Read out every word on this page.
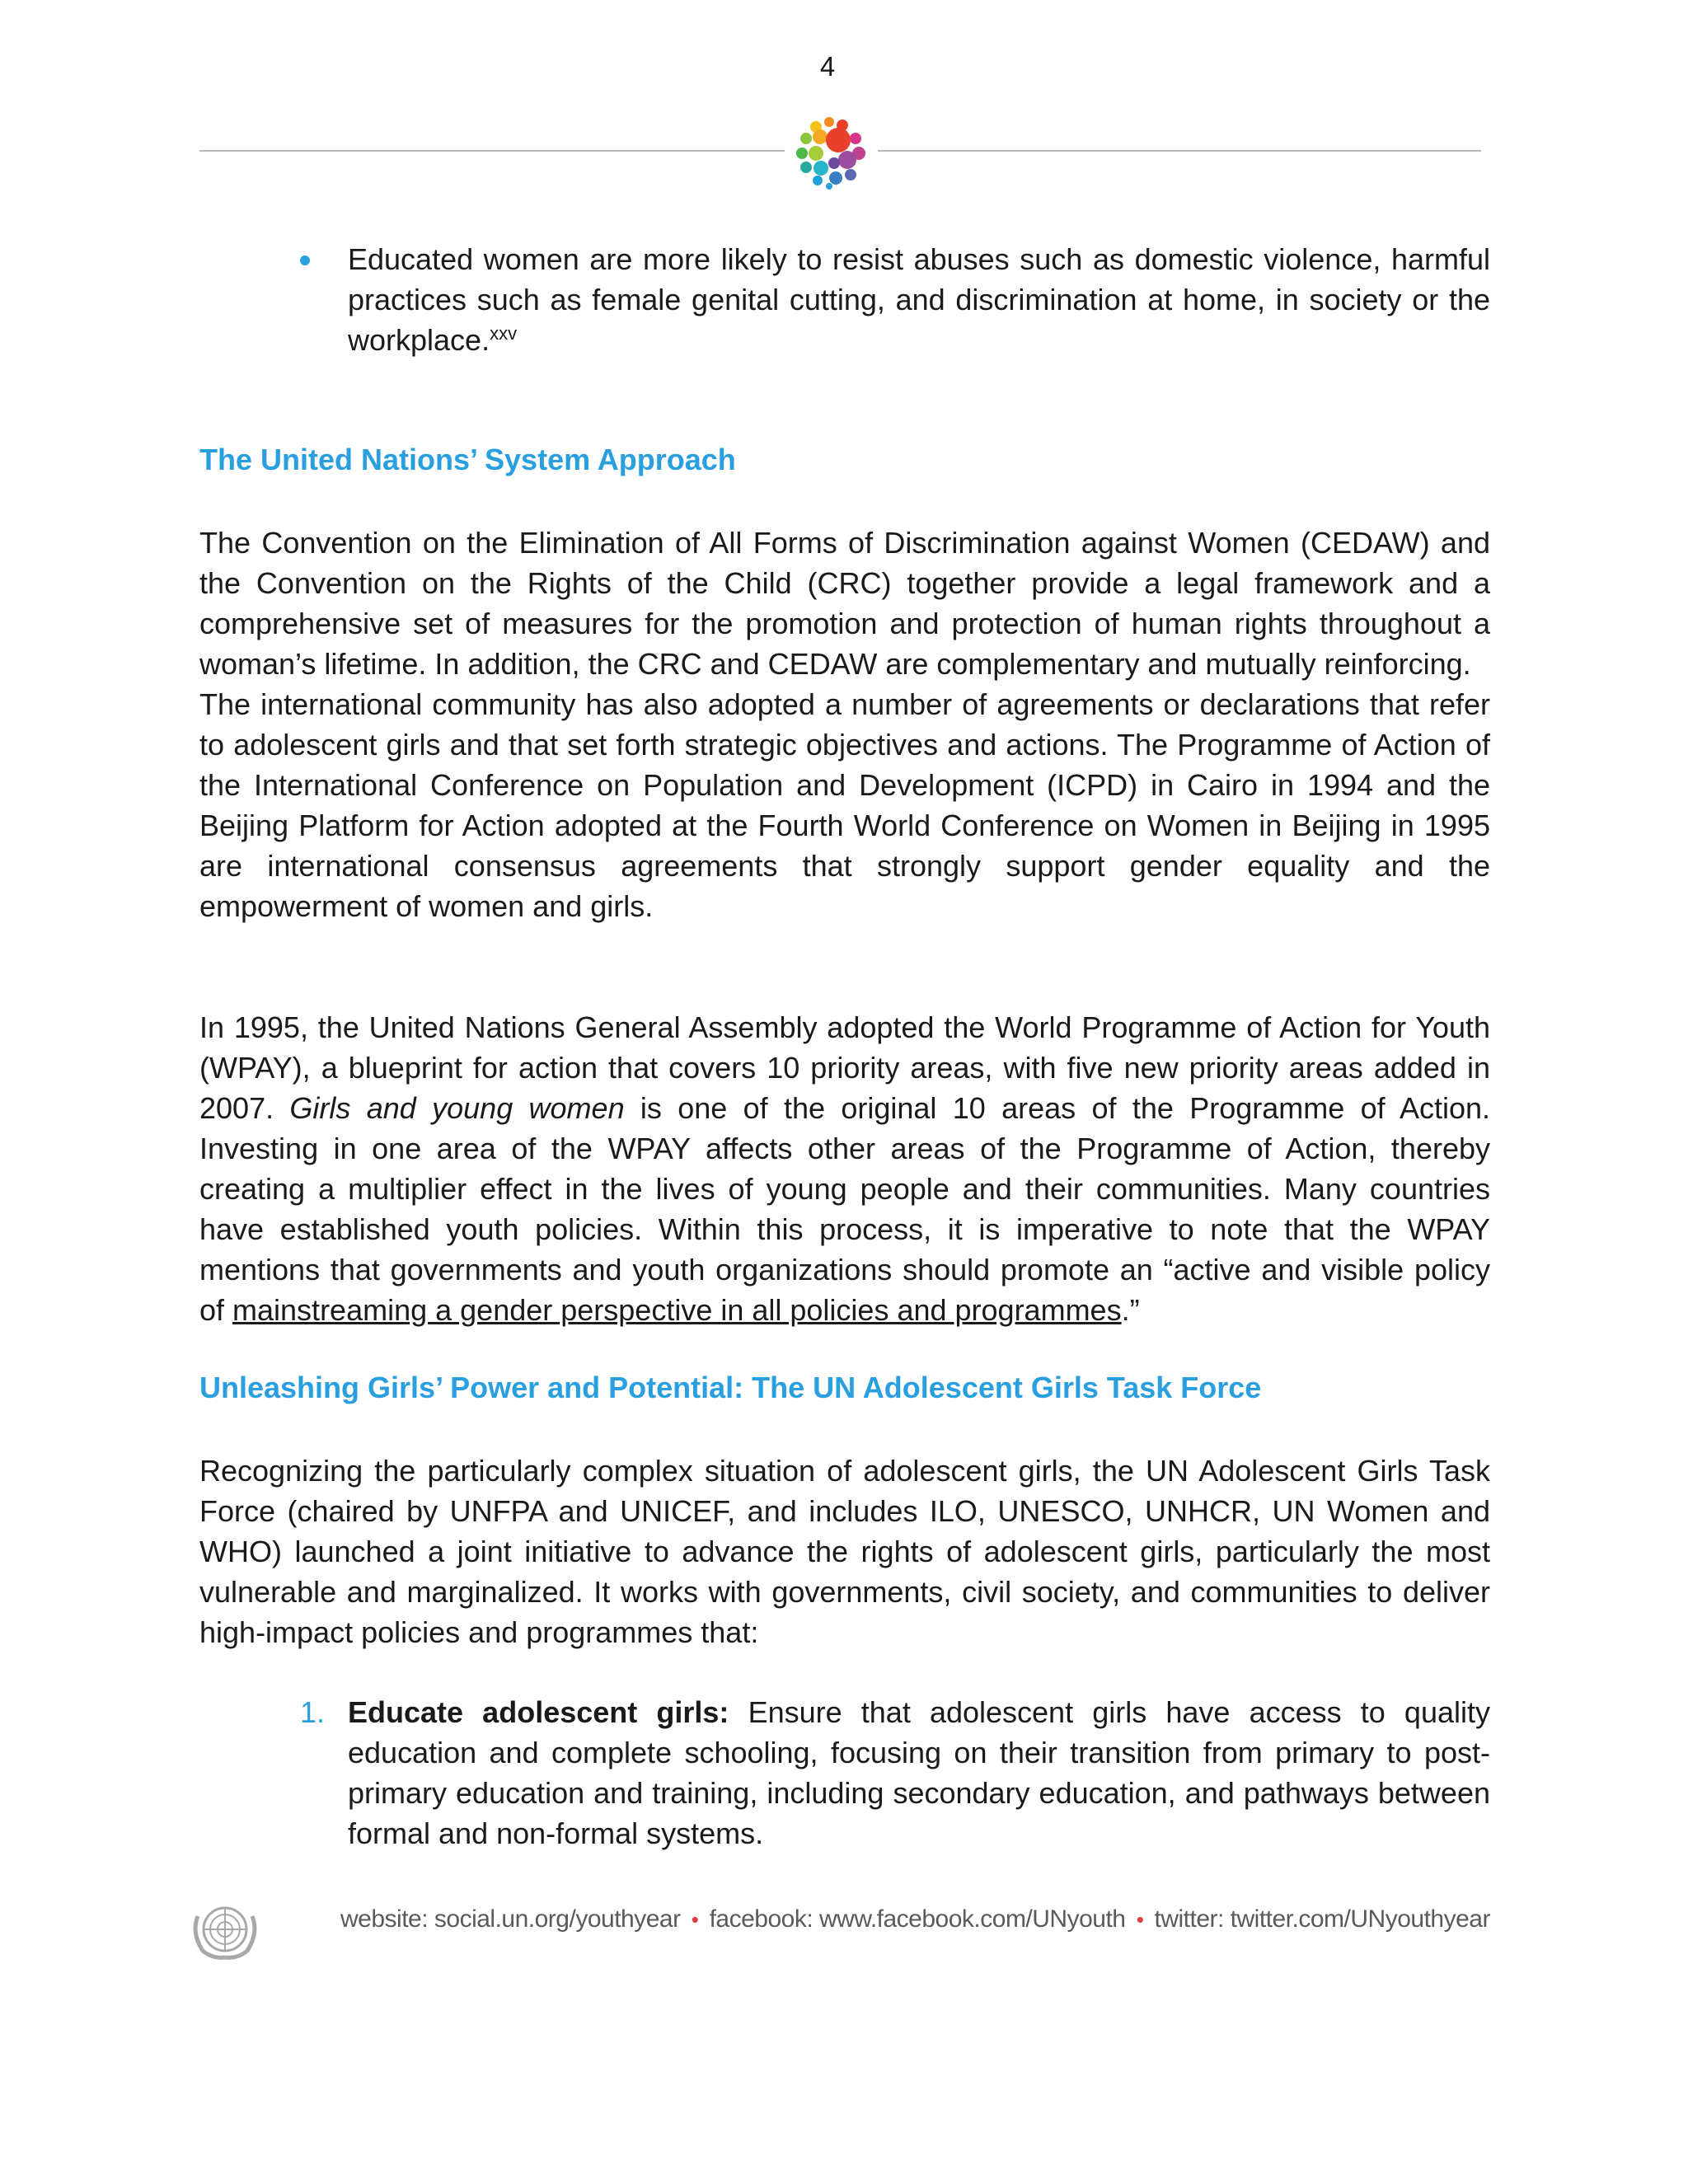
4

Educated women are more likely to resist abuses such as domestic violence, harmful practices such as female genital cutting, and discrimination at home, in society or the workplace.$^{xxv}$

The United Nations’ System Approach

The Convention on the Elimination of All Forms of Discrimination against Women (CEDAW) and the Convention on the Rights of the Child (CRC) together provide a legal framework and a comprehensive set of measures for the promotion and protection of human rights throughout a woman’s lifetime. In addition, the CRC and CEDAW are complementary and mutually reinforcing.

The international community has also adopted a number of agreements or declarations that refer to adolescent girls and that set forth strategic objectives and actions. The Programme of Action of the International Conference on Population and Development (ICPD) in Cairo in 1994 and the Beijing Platform for Action adopted at the Fourth World Conference on Women in Beijing in 1995 are international consensus agreements that strongly support gender equality and the empowerment of women and girls.

In 1995, the United Nations General Assembly adopted the World Programme of Action for Youth (WPAY), a blueprint for action that covers 10 priority areas, with five new priority areas added in 2007. Girls and young women is one of the original 10 areas of the Programme of Action. Investing in one area of the WPAY affects other areas of the Programme of Action, thereby creating a multiplier effect in the lives of young people and their communities. Many countries have established youth policies. Within this process, it is imperative to note that the WPAY mentions that governments and youth organizations should promote an “active and visible policy of mainstreaming a gender perspective in all policies and programmes.”

Unleashing Girls’ Power and Potential: The UN Adolescent Girls Task Force

Recognizing the particularly complex situation of adolescent girls, the UN Adolescent Girls Task Force (chaired by UNFPA and UNICEF, and includes ILO, UNESCO, UNHCR, UN Women and WHO) launched a joint initiative to advance the rights of adolescent girls, particularly the most vulnerable and marginalized. It works with governments, civil society, and communities to deliver high-impact policies and programmes that:

1. Educate adolescent girls: Ensure that adolescent girls have access to quality education and complete schooling, focusing on their transition from primary to post-primary education and training, including secondary education, and pathways between formal and non-formal systems.

website: social.un.org/youthyear • facebook: www.facebook.com/UNyouth • twitter: twitter.com/UNyouthyear
